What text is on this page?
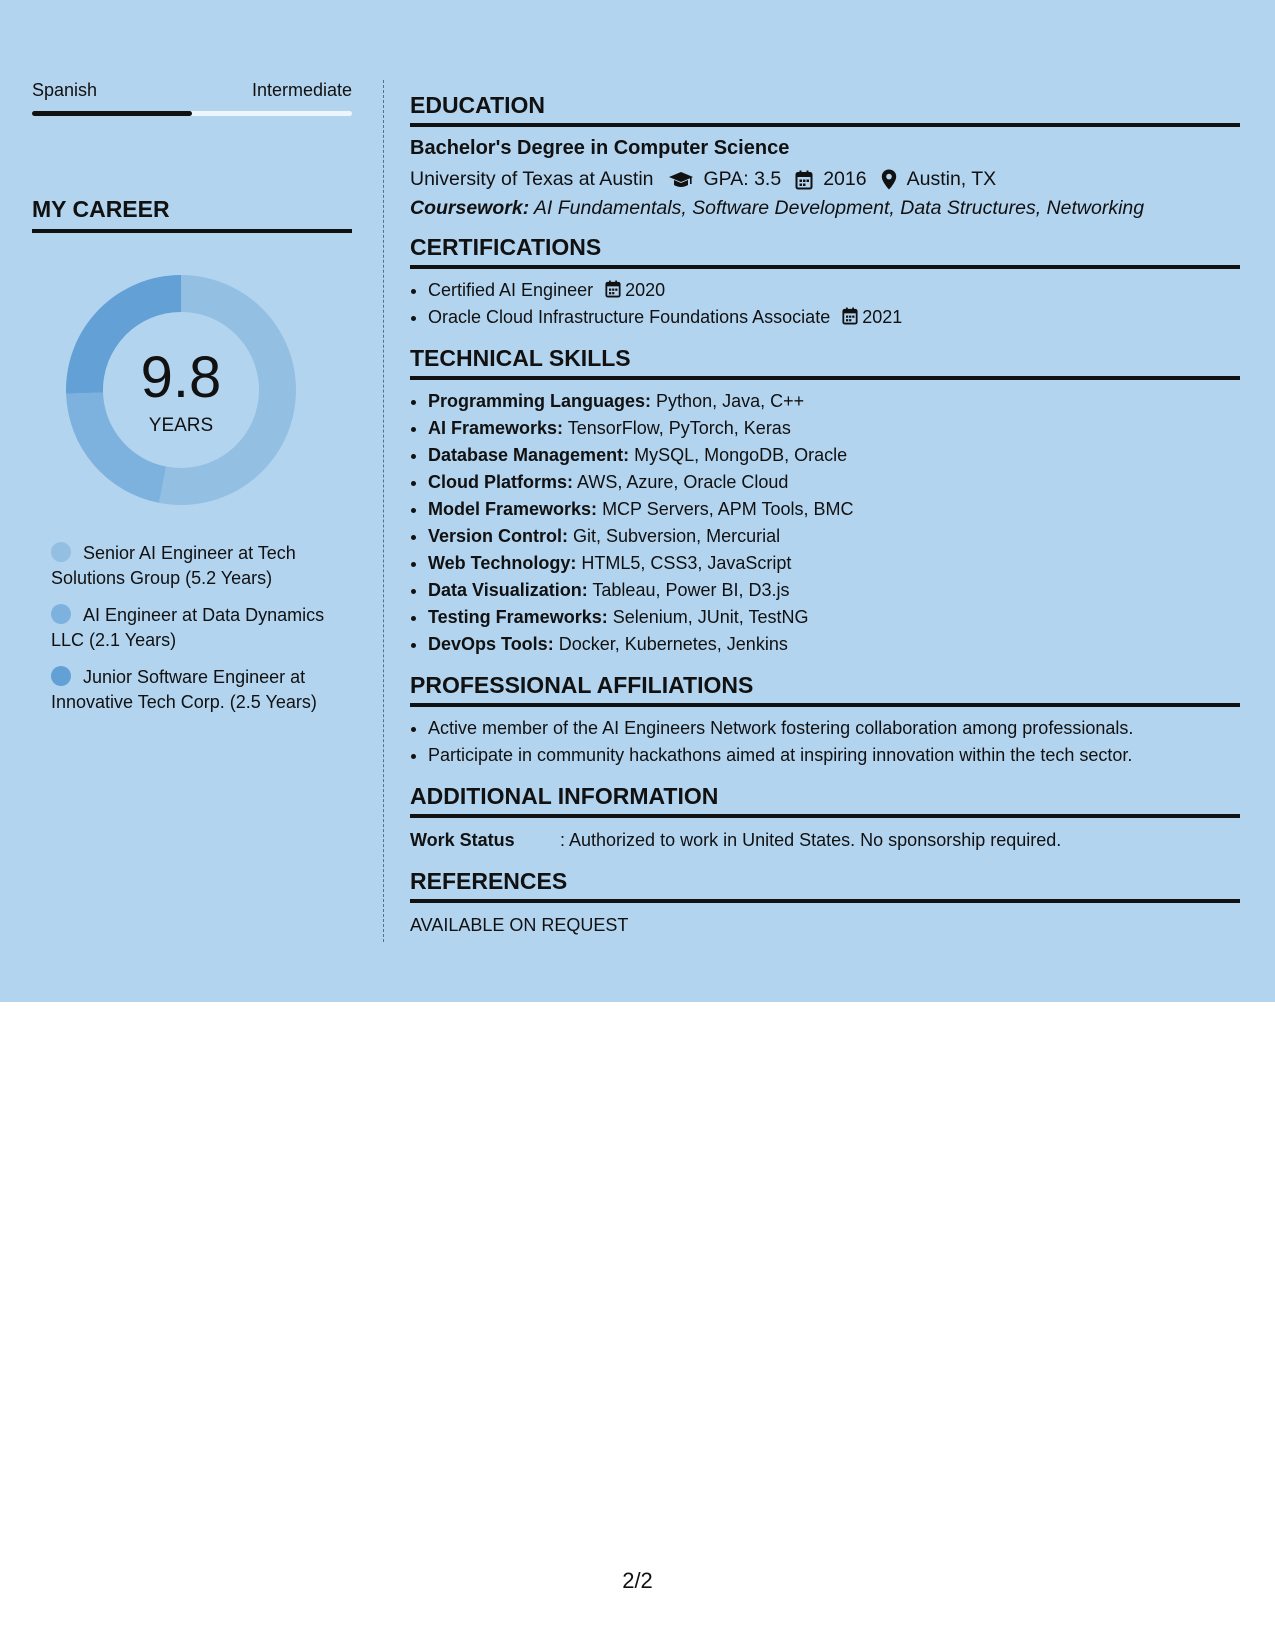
Spanish	Intermediate
MY CAREER
9.8
YEARS
Senior AI Engineer at Tech Solutions Group (5.2 Years)
AI Engineer at Data Dynamics LLC (2.1 Years)
Junior Software Engineer at Innovative Tech Corp. (2.5 Years)
EDUCATION
Bachelor's Degree in Computer Science
University of Texas at Austin	GPA: 3.5 2016 Austin, TX
Coursework: AI Fundamentals, Software Development, Data Structures, Networking
CERTIFICATIONS
• Certified AI Engineer 2020
• Oracle Cloud Infrastructure Foundations Associate 2021
TECHNICAL SKILLS
• Programming Languages: Python, Java, C++
• AI Frameworks: TensorFlow, PyTorch, Keras
• Database Management: MySQL, MongoDB, Oracle
• Cloud Platforms: AWS, Azure, Oracle Cloud
• Model Frameworks: MCP Servers, APM Tools, BMC
• Version Control: Git, Subversion, Mercurial
• Web Technology: HTML5, CSS3, JavaScript
• Data Visualization: Tableau, Power BI, D3.js
• Testing Frameworks: Selenium, JUnit, TestNG
• DevOps Tools: Docker, Kubernetes, Jenkins
PROFESSIONAL AFFILIATIONS
• Active member of the AI Engineers Network fostering collaboration among professionals.
• Participate in community hackathons aimed at inspiring innovation within the tech sector.
ADDITIONAL INFORMATION
Work Status	: Authorized to work in United States. No sponsorship required.
REFERENCES
AVAILABLE ON REQUEST
2/2
